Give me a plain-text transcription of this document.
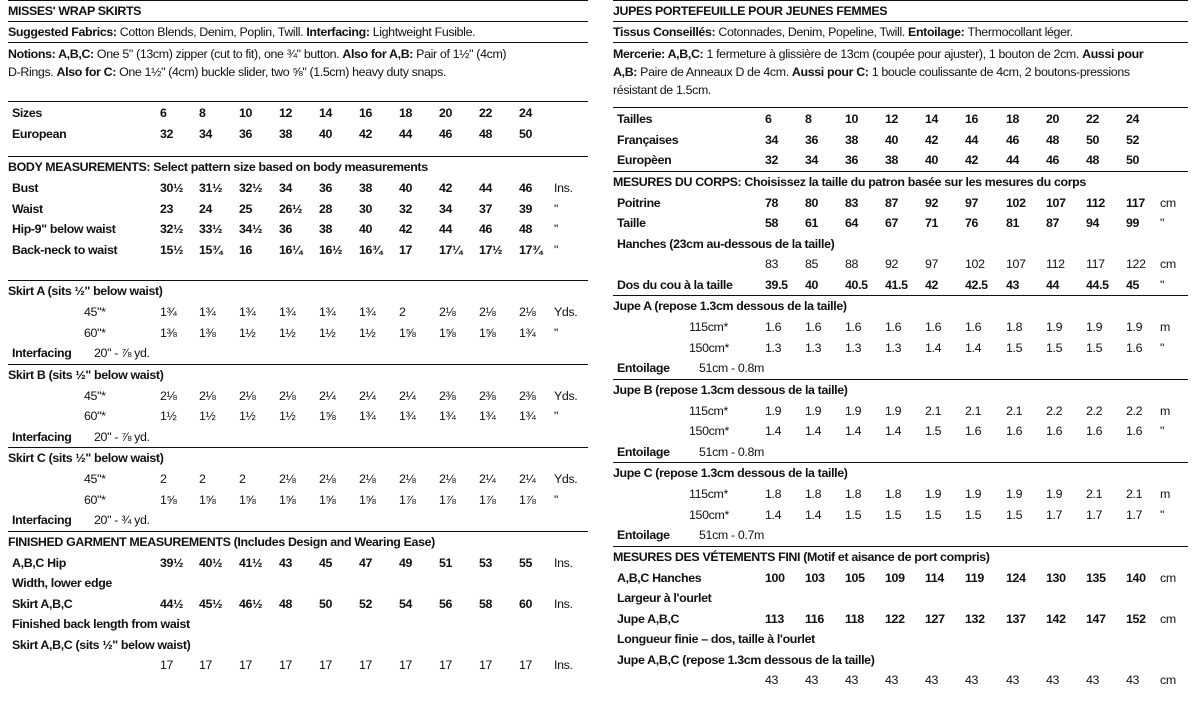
MISSES' WRAP SKIRTS
Suggested Fabrics: Cotton Blends, Denim, Poplin, Twill. Interfacing: Lightweight Fusible.
Notions: A,B,C: One 5" (13cm) zipper (cut to fit), one ¾" button. Also for A,B: Pair of 1½" (4cm)
D-Rings. Also for C: One 1½" (4cm) buckle slider, two ⅝" (1.5cm) heavy duty snaps.
Sizes	6	8	10 12 14 16 18 20 22 24
European	32 34 36 38 40 42 44 46 48 50
BODY MEASUREMENTS: Select pattern size based on body measurements
Bust	30½ 31½ 32½ 34 36 38 40 42 44 46 Ins.
Waist	23 24 25 26½ 28 30 32 34 37 39 "
Hip-9" below waist	32½ 33½ 34½ 36 38 40 42 44 46 48 "
Back-neck to waist	15½ 15¾ 16 16¼ 16½ 16¾ 17 17¼ 17½ 17¾ "
Skirt A (sits ½" below waist)
45"*	1¾ 1¾ 1¾ 1¾ 1¾ 1¾ 2	2⅛ 2⅛ 2⅛ Yds.
60"*	1⅜ 1⅜ 1½ 1½ 1½ 1½ 1⅝ 1⅝ 1⅝ 1¾ "
Interfacing 20" - ⅞ yd.
Skirt B (sits ½" below waist)
45"*	2⅛ 2⅛ 2⅛ 2⅛ 2¼ 2¼ 2¼ 2⅜ 2⅜ 2⅜ Yds.
60"*	1½ 1½ 1½ 1½ 1⅝ 1¾ 1¾ 1¾ 1¾ 1¾ "
Interfacing 20" - ⅞ yd.
Skirt C (sits ½" below waist)
45"*	2	2	2	2⅛ 2⅛ 2⅛ 2⅛ 2⅛ 2¼ 2¼ Yds.
60"*	1⅝ 1⅝ 1⅝ 1⅝ 1⅝ 1⅝ 1⅞ 1⅞ 1⅞ 1⅞ "
Interfacing 20" - ¾ yd.
FINISHED GARMENT MEASUREMENTS (Includes Design and Wearing Ease)
A,B,C Hip	39½ 40½ 41½ 43 45 47 49 51 53 55 Ins.
Width, lower edge
Skirt A,B,C	44½ 45½ 46½ 48 50 52 54 56 58 60 Ins.
Finished back length from waist
Skirt A,B,C (sits ½" below waist)
17 17 17 17 17 17 17 17 17 17 Ins.
JUPES PORTEFEUILLE POUR JEUNES FEMMES
Tissus Conseillés: Cotonnades, Denim, Popeline, Twill. Entoilage: Thermocollant léger.
Mercerie: A,B,C: 1 fermeture à glissière de 13cm (coupée pour ajuster), 1 bouton de 2cm. Aussi pour
A,B: Paire de Anneaux D de 4cm. Aussi pour C: 1 boucle coulissante de 4cm, 2 boutons-pressions
résistant de 1.5cm.
Tailles	6	8	10 12 14 16 18 20 22 24
Françaises	34 36 38 40 42 44 46 48 50 52
Europèen	32 34 36 38 40 42 44 46 48 50
MESURES DU CORPS: Choisissez la taille du patron basée sur les mesures du corps
Poitrine	78 80 83 87 92 97 102 107 112 117 cm
Taille	58 61 64 67 71 76 81 87 94 99 "
Hanches (23cm au-dessous de la taille)
83 85 88 92 97 102 107 112 117 122 cm
Dos du cou à la taille	39.5 40 40.5 41.5 42 42.5 43 44 44.5 45 "
Jupe A (repose 1.3cm dessous de la taille)
115cm*	1.6 1.6 1.6 1.6 1.6 1.6 1.8 1.9 1.9 1.9 m
150cm*	1.3 1.3 1.3 1.3 1.4 1.4 1.5 1.5 1.5 1.6 "
Entoilage 51cm - 0.8m
Jupe B (repose 1.3cm dessous de la taille)
115cm*	1.9 1.9 1.9 1.9 2.1 2.1 2.1 2.2 2.2 2.2 m
150cm*	1.4 1.4 1.4 1.4 1.5 1.6 1.6 1.6 1.6 1.6 "
Entoilage 51cm - 0.8m
Jupe C (repose 1.3cm dessous de la taille)
115cm*	1.8 1.8 1.8 1.8 1.9 1.9 1.9 1.9 2.1 2.1 m
150cm*	1.4 1.4 1.5 1.5 1.5 1.5 1.5 1.7 1.7 1.7 "
Entoilage 51cm - 0.7m
MESURES DES VÉTEMENTS FINI (Motif et aisance de port compris)
A,B,C Hanches	100 103 105 109 114 119 124 130 135 140 cm
Largeur à l'ourlet
Jupe A,B,C	113 116 118 122 127 132 137 142 147 152 cm
Longueur finie – dos, taille à l'ourlet
Jupe A,B,C (repose 1.3cm dessous de la taille)
43 43 43 43 43 43 43 43 43 43 cm
